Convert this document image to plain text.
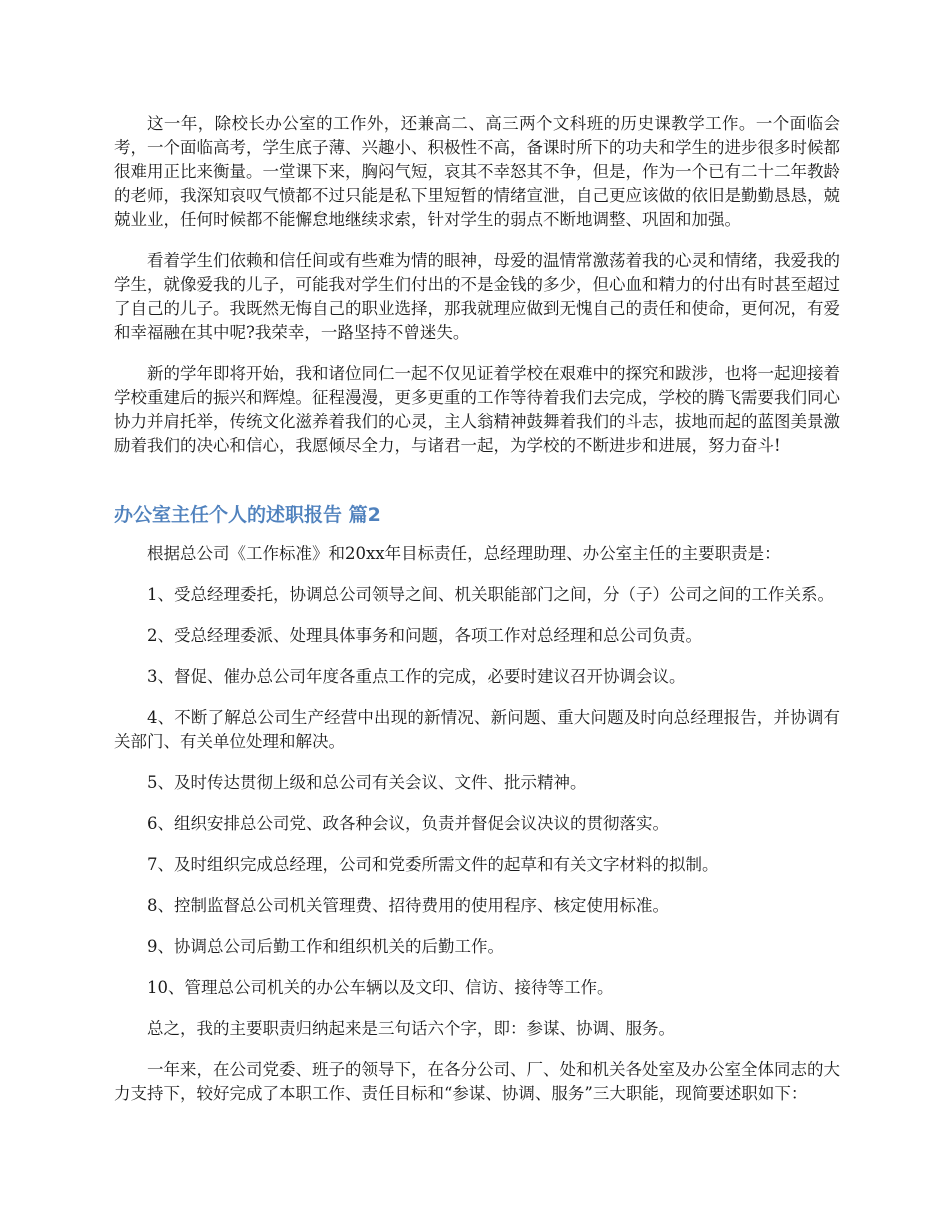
这一年，除校长办公室的工作外，还兼高二、高三两个文科班的历史课教学工作。一个面临会考，一个面临高考，学生底子薄、兴趣小、积极性不高，备课时所下的功夫和学生的进步很多时候都很难用正比来衡量。一堂课下来，胸闷气短，哀其不幸怒其不争，但是，作为一个已有二十二年教龄的老师，我深知哀叹气愤都不过只能是私下里短暂的情绪宣泄，自己更应该做的依旧是勤勤恳恳，兢兢业业，任何时候都不能懈怠地继续求索，针对学生的弱点不断地调整、巩固和加强。

看着学生们依赖和信任间或有些难为情的眼神，母爱的温情常激荡着我的心灵和情绪，我爱我的学生，就像爱我的儿子，可能我对学生们付出的不是金钱的多少，但心血和精力的付出有时甚至超过了自己的儿子。我既然无悔自己的职业选择，那我就理应做到无愧自己的责任和使命，更何况，有爱和幸福融在其中呢?我荣幸，一路坚持不曾迷失。

新的学年即将开始，我和诸位同仁一起不仅见证着学校在艰难中的探究和跋涉，也将一起迎接着学校重建后的振兴和辉煌。征程漫漫，更多更重的工作等待着我们去完成，学校的腾飞需要我们同心协力并肩托举，传统文化滋养着我们的心灵，主人翁精神鼓舞着我们的斗志，拔地而起的蓝图美景激励着我们的决心和信心，我愿倾尽全力，与诸君一起，为学校的不断进步和进展，努力奋斗!

办公室主任个人的述职报告 篇2

根据总公司《工作标准》和20xx年目标责任，总经理助理、办公室主任的主要职责是：

1、受总经理委托，协调总公司领导之间、机关职能部门之间，分（子）公司之间的工作关系。

2、受总经理委派、处理具体事务和问题，各项工作对总经理和总公司负责。

3、督促、催办总公司年度各重点工作的完成，必要时建议召开协调会议。

4、不断了解总公司生产经营中出现的新情况、新问题、重大问题及时向总经理报告，并协调有关部门、有关单位处理和解决。

5、及时传达贯彻上级和总公司有关会议、文件、批示精神。

6、组织安排总公司党、政各种会议，负责并督促会议决议的贯彻落实。

7、及时组织完成总经理，公司和党委所需文件的起草和有关文字材料的拟制。

8、控制监督总公司机关管理费、招待费用的使用程序、核定使用标准。

9、协调总公司后勤工作和组织机关的后勤工作。

10、管理总公司机关的办公车辆以及文印、信访、接待等工作。

总之，我的主要职责归纳起来是三句话六个字，即：参谋、协调、服务。

一年来，在公司党委、班子的领导下，在各分公司、厂、处和机关各处室及办公室全体同志的大力支持下，较好完成了本职工作、责任目标和“参谋、协调、服务”三大职能，现简要述职如下：
